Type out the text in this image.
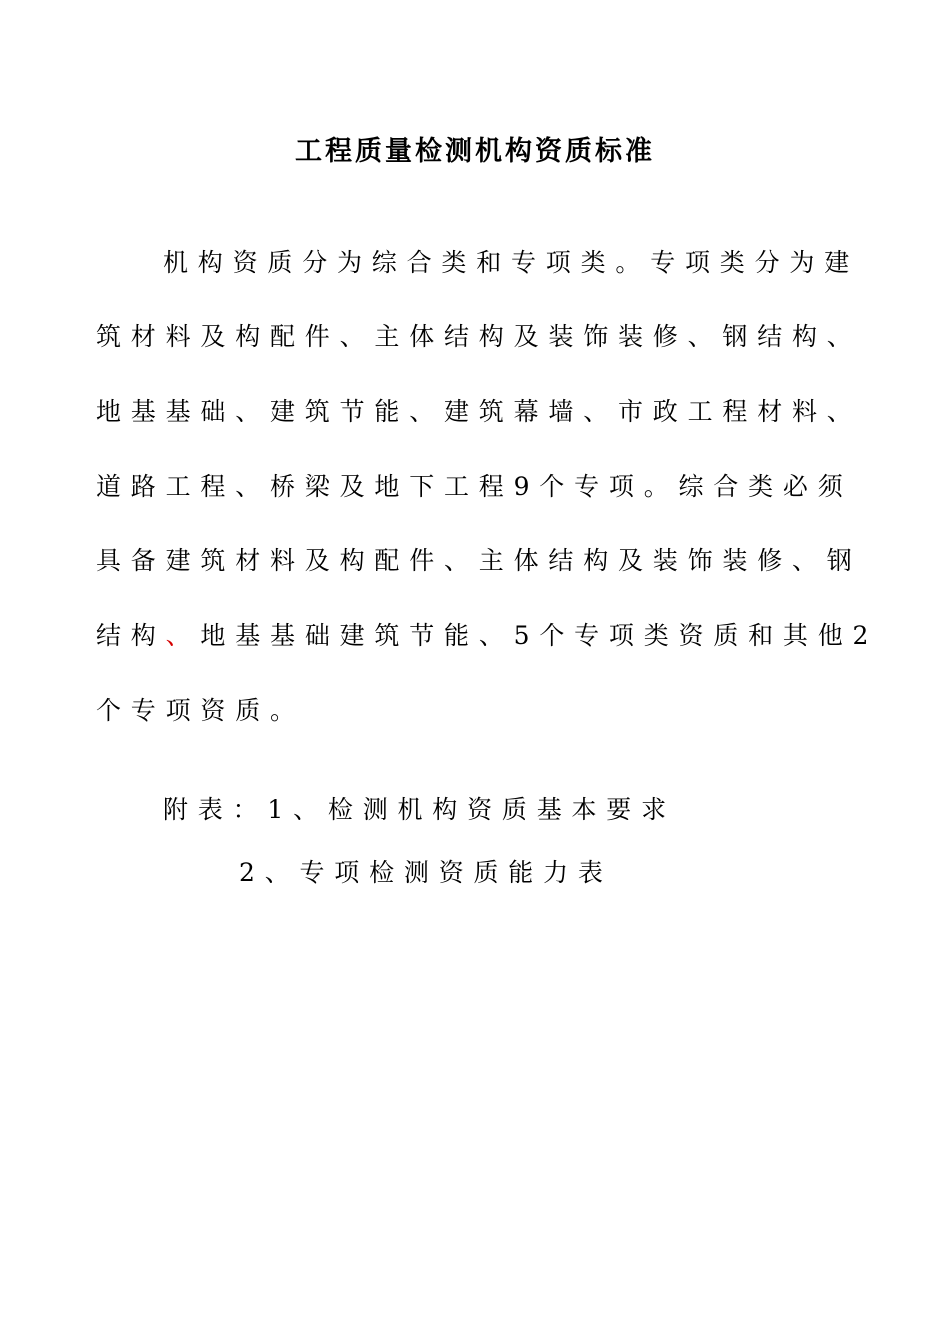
工程质量检测机构资质标准
机构资质分为综合类和专项类。专项类分为建
筑材料及构配件、主体结构及装饰装修、钢结构、
地基基础、建筑节能、建筑幕墙、市政工程材料、
道路工程、桥梁及地下工程9个专项。综合类必须
具备建筑材料及构配件、主体结构及装饰装修、钢
结构、地基基础建筑节能、5个专项类资质和其他2
个专项资质。
附表：1、检测机构资质基本要求
2、专项检测资质能力表
